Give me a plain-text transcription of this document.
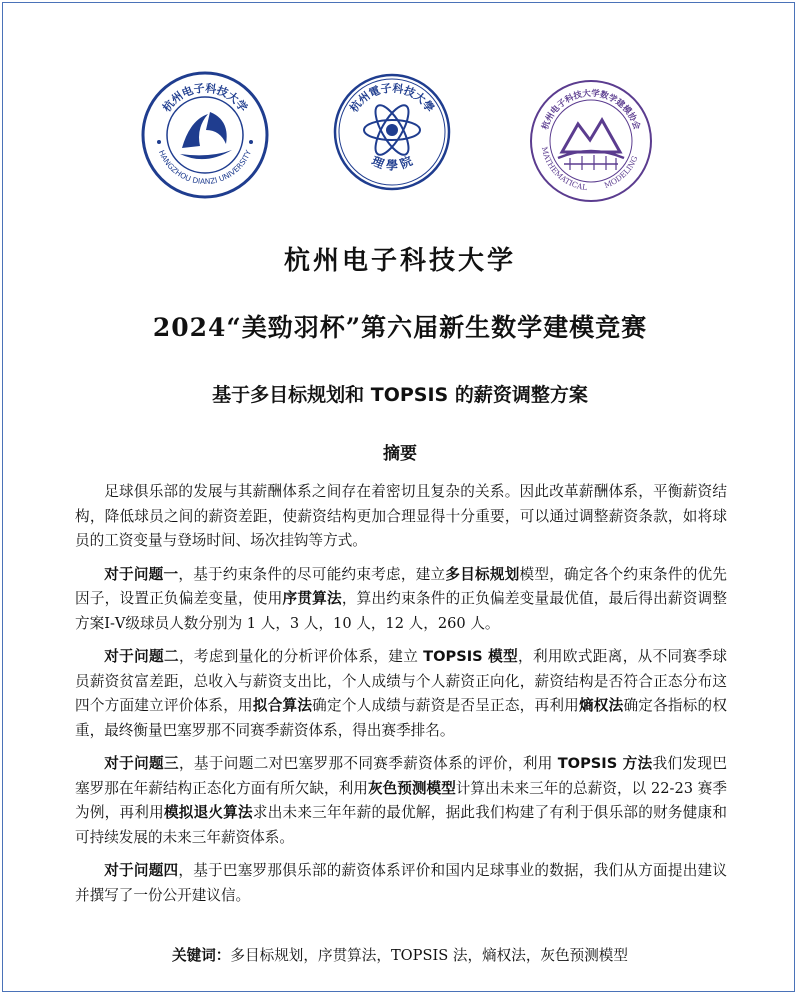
杭州电子科技大学
HANGZHOU DIANZI UNIVERSITY
杭州電子科技大學
理 學 院
杭州电子科技大学数学建模协会
MATHEMATICAL MODELING
杭州电子科技大学
2024“美勁羽杯”第六届新生数学建模竞赛
基于多目标规划和 TOPSIS 的薪资调整方案
摘要

足球俱乐部的发展与其薪酬体系之间存在着密切且复杂的关系。因此改革薪酬体系，平衡薪资结构，降低球员之间的薪资差距，使薪资结构更加合理显得十分重要，可以通过调整薪资条款，如将球员的工资变量与登场时间、场次挂钩等方式。

对于问题一，基于约束条件的尽可能约束考虑，建立多目标规划模型，确定各个约束条件的优先因子，设置正负偏差变量，使用序贯算法，算出约束条件的正负偏差变量最优值，最后得出薪资调整方案Ⅰ-Ⅴ级球员人数分别为 1 人，3 人，10 人，12 人，260 人。

对于问题二，考虑到量化的分析评价体系，建立 TOPSIS 模型，利用欧式距离，从不同赛季球员薪资贫富差距，总收入与薪资支出比，个人成绩与个人薪资正向化，薪资结构是否符合正态分布这四个方面建立评价体系，用拟合算法确定个人成绩与薪资是否呈正态，再利用熵权法确定各指标的权重，最终衡量巴塞罗那不同赛季薪资体系，得出赛季排名。

对于问题三，基于问题二对巴塞罗那不同赛季薪资体系的评价，利用 TOPSIS 方法我们发现巴塞罗那在年薪结构正态化方面有所欠缺，利用灰色预测模型计算出未来三年的总薪资，以 22-23 赛季为例，再利用模拟退火算法求出未来三年年薪的最优解，据此我们构建了有利于俱乐部的财务健康和可持续发展的未来三年薪资体系。

对于问题四，基于巴塞罗那俱乐部的薪资体系评价和国内足球事业的数据，我们从方面提出建议并撰写了一份公开建议信。

关键词：多目标规划，序贯算法，TOPSIS 法，熵权法，灰色预测模型
